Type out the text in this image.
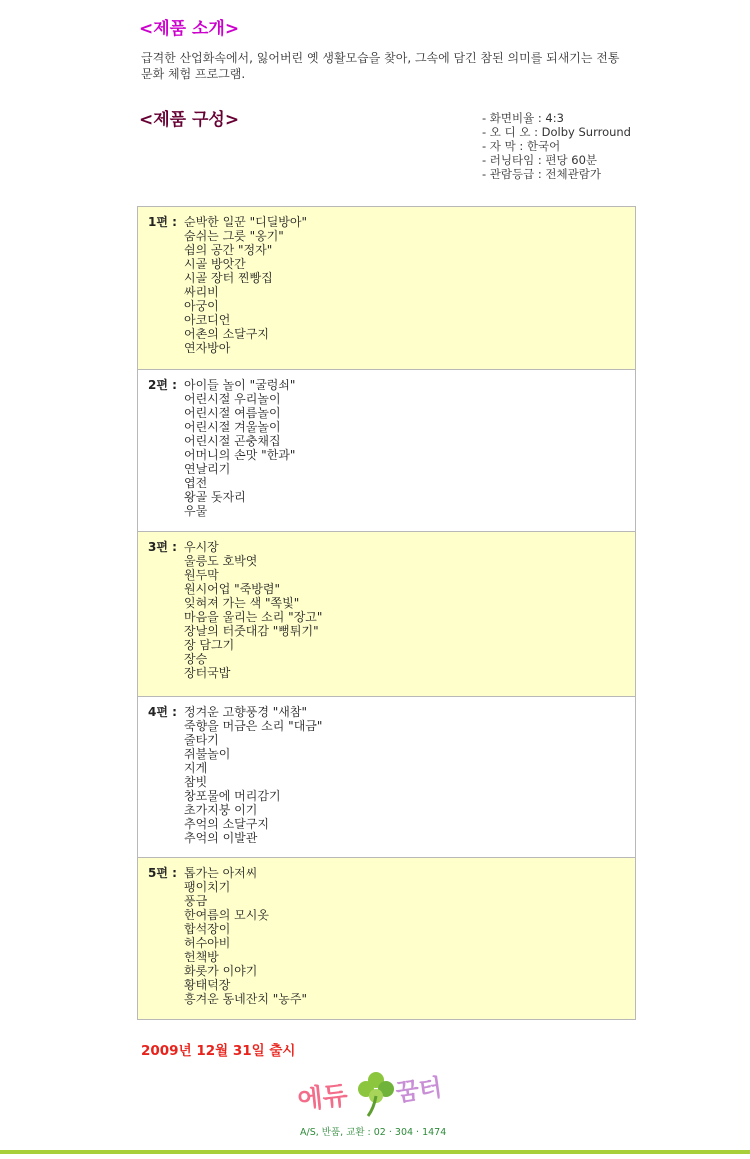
<제품 소개>
급격한 산업화속에서, 잃어버린 옛 생활모습을 찾아, 그속에 담긴 참된 의미를 되새기는 전통문화 체험 프로그램.
<제품 구성>	- 화면비율 : 4:3
- 오 디 오 : Dolby Surround
- 자 막 : 한국어
- 러닝타임 : 편당 60분
- 관람등급 : 전체관람가
1편 : 순박한 일꾼 "디딜방아"
숨쉬는 그릇 "옹기"
쉼의 공간 "정자"
시골 방앗간
시골 장터 찐빵집
싸리비
아궁이
아코디언
어촌의 소달구지
연자방아
2편 : 아이들 놀이 "굴렁쇠"
어린시절 우리놀이
어린시절 여름놀이
어린시절 겨울놀이
어린시절 곤충채집
어머니의 손맛 "한과"
연날리기
엽전
왕골 돗자리
우물
3편 : 우시장
울릉도 호박엿
원두막
원시어업 "죽방렴"
잊혀져 가는 색 "쪽빛"
마음을 울리는 소리 "장고"
장날의 터줏대감 "뻥튀기"
장 담그기
장승
장터국밥
4편 : 정겨운 고향풍경 "새참"
죽향을 머금은 소리 "대금"
줄타기
쥐불놀이
지게
참빗
창포물에 머리감기
초가지붕 이기
추억의 소달구지
추억의 이발관
5편 : 톱가는 아저씨
팽이치기
풍금
한여름의 모시옷
합석장이
허수아비
헌책방
화롯가 이야기
황태덕장
흥겨운 동네잔치 "농주"
2009년 12월 31일 출시
에듀 꿈터
A/S, 반품, 교환 : 02 · 304 · 1474
